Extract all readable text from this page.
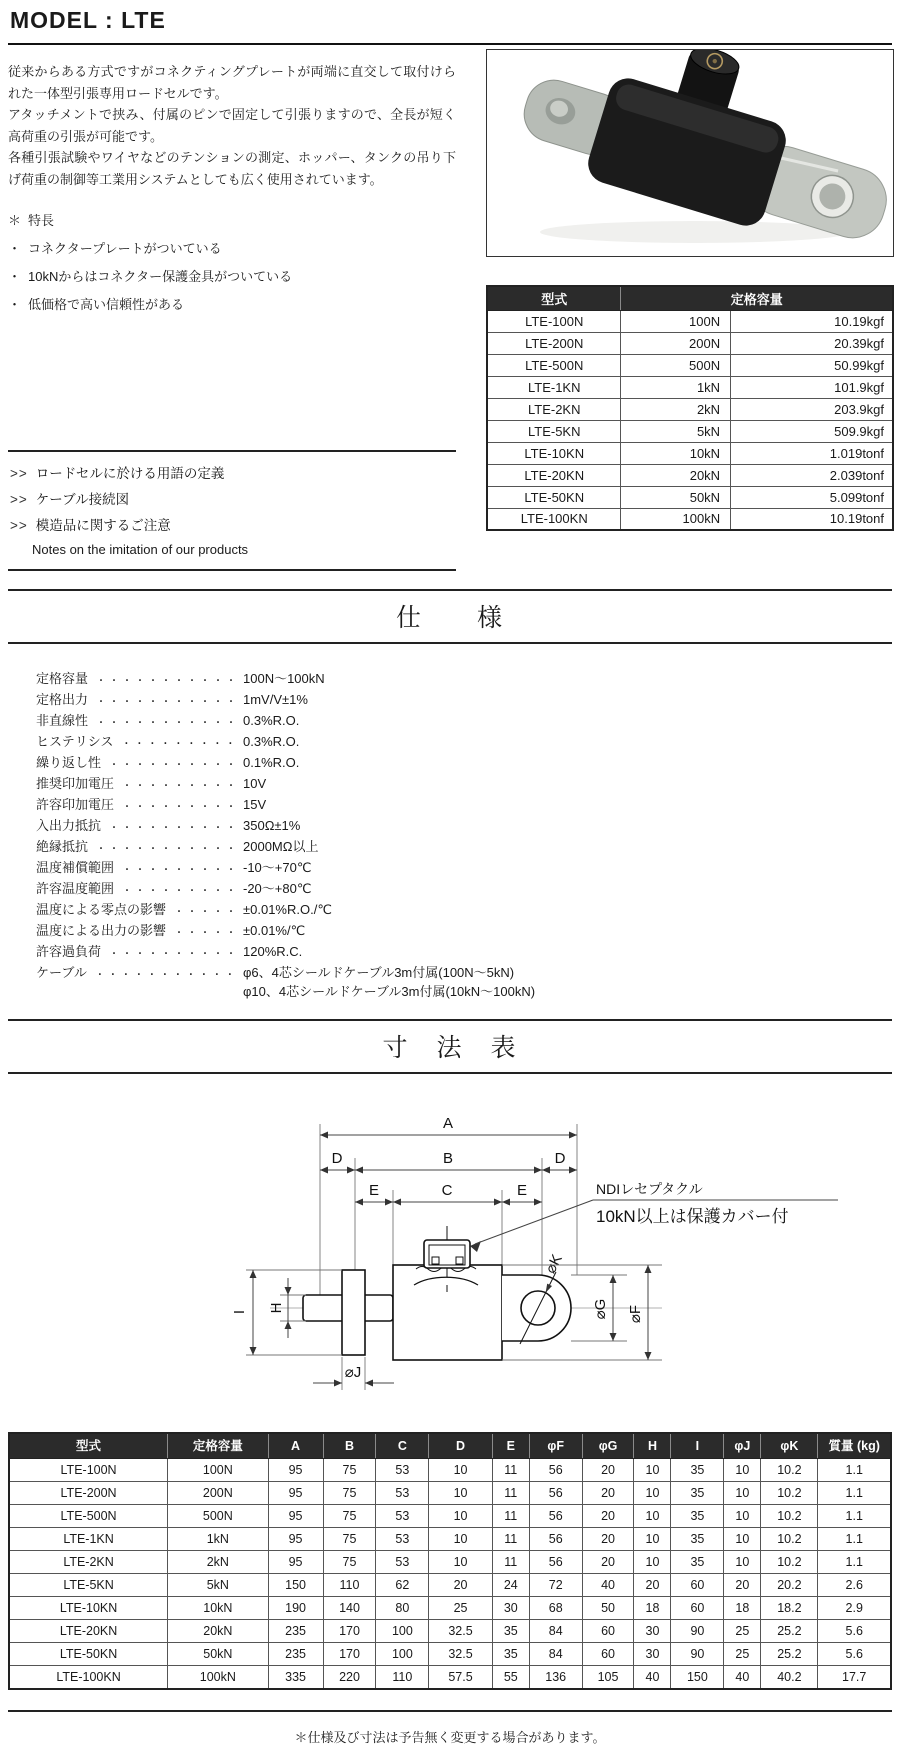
MODEL : LTE

従来からある方式ですがコネクティングプレートが両端に直交して取付けられた一体型引張専用ロードセルです。

アタッチメントで挟み、付属のピンで固定して引張りますので、全長が短く高荷重の引張が可能です。

各種引張試験やワイヤなどのテンションの測定、ホッパー、タンクの吊り下げ荷重の制御等工業用システムとしても広く使用されています。

＊ 特長
・ コネクタープレートがついている
・ 10kNからはコネクター保護金具がついている
・ 低価格で高い信頼性がある
>> ロードセルに於ける用語の定義
>> ケーブル接続図
>> 模造品に関するご注意
Notes on the imitation of our products
型式	定格容量	
LTE-100N	100N	10.19kgf
LTE-200N	200N	20.39kgf
LTE-500N	500N	50.99kgf
LTE-1KN	1kN	101.9kgf
LTE-2KN	2kN	203.9kgf
LTE-5KN	5kN	509.9kgf
LTE-10KN	10kN	1.019tonf
LTE-20KN	20kN	2.039tonf
LTE-50KN	50kN	5.099tonf
LTE-100KN	100kN	10.19tonf
仕　　様
定格容量 ・・・・・・・・・・・ 100N〜100kN
定格出力 ・・・・・・・・・・・ 1mV/V±1%
非直線性 ・・・・・・・・・・・ 0.3%R.O.
ヒステリシス ・・・・・・・・・ 0.3%R.O.
繰り返し性 ・・・・・・・・・・ 0.1%R.O.
推奨印加電圧 ・・・・・・・・・ 10V
許容印加電圧 ・・・・・・・・・ 15V
入出力抵抗 ・・・・・・・・・・ 350Ω±1%
絶縁抵抗 ・・・・・・・・・・・ 2000MΩ以上
温度補償範囲 ・・・・・・・・・ -10〜+70℃
許容温度範囲 ・・・・・・・・・ -20〜+80℃
温度による零点の影響 ・・・・・ ±0.01%R.O./℃
温度による出力の影響 ・・・・・ ±0.01%/℃
許容過負荷 ・・・・・・・・・・ 120%R.C.
ケーブル ・・・・・・・・・・・ φ6、4芯シールドケーブル3m付属(100N〜5kN)
φ10、4芯シールドケーブル3m付属(10kN〜100kN)
寸　法　表
A
D	B	D
E	C	E
⌀K
NDIレセプタクル
10kN以上は保護カバー付
H
I
⌀J
⌀G ⌀F
型式	定格容量	A	B	C	D	E	φF	φG	H	I	φJ	φK	質量 (kg)
LTE-100N	100N	95	75	53	10	11	56	20	10	35	10	10.2	1.1
LTE-200N	200N	95	75	53	10	11	56	20	10	35	10	10.2	1.1
LTE-500N	500N	95	75	53	10	11	56	20	10	35	10	10.2	1.1
LTE-1KN	1kN	95	75	53	10	11	56	20	10	35	10	10.2	1.1
LTE-2KN	2kN	95	75	53	10	11	56	20	10	35	10	10.2	1.1
LTE-5KN	5kN	150	110	62	20	24	72	40	20	60	20	20.2	2.6
LTE-10KN	10kN	190	140	80	25	30	68	50	18	60	18	18.2	2.9
LTE-20KN	20kN	235	170	100	32.5	35	84	60	30	90	25	25.2	5.6
LTE-50KN	50kN	235	170	100	32.5	35	84	60	30	90	25	25.2	5.6
LTE-100KN	100kN	335	220	110	57.5	55	136	105	40	150	40	40.2	17.7
＊仕様及び寸法は予告無く変更する場合があります。
